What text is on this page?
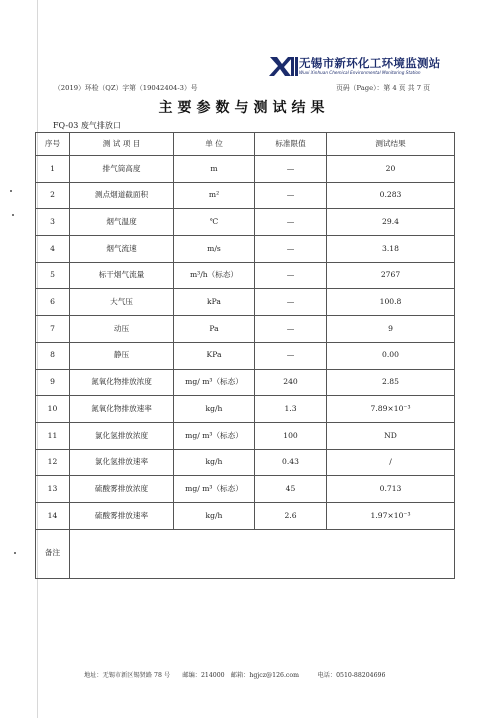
无锡市新环化工环境监测站
Wuxi Xinhuan Chemical Environmental Monitoring Station
（2019）环检（QZ）字第（19042404-3）号	页码（Page）：第 4 页 共 7 页
主要参数与测试结果
FQ-03 废气排放口
序号	测 试 项 目	单 位	标准限值	测试结果
1	排气筒高度	m	—	20
2	测点烟道截面积	m²	—	0.283
3	烟气温度	℃	—	29.4
4	烟气流速	m/s	—	3.18
5	标干烟气流量	m³/h（标态）	—	2767
6	大气压	kPa	—	100.8
7	动压	Pa	—	9
8	静压	KPa	—	0.00
9	氮氧化物排放浓度	mg/ m³（标态）	240	2.85
10	氮氧化物排放速率	kg/h	1.3	7.89×10⁻³
11	氯化氢排放浓度	mg/ m³（标态）	100	ND
12	氯化氢排放速率	kg/h	0.43	/
13	硫酸雾排放浓度	mg/ m³（标态）	45	0.713
14	硫酸雾排放速率	kg/h	2.6	1.97×10⁻³
备注				
地址：无锡市新区锡贤路 78 号　　邮编：214000　邮箱：hgjcz@126.com　　　电话：0510-88204696
